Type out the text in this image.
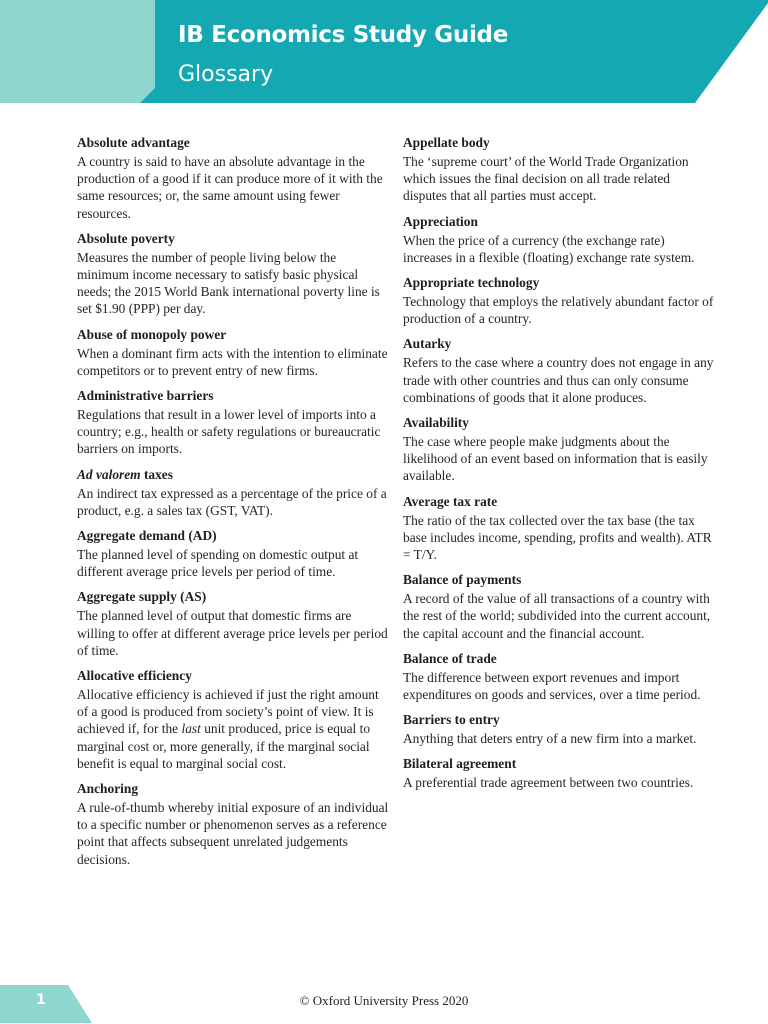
IB Economics Study Guide
Glossary
Absolute advantage
A country is said to have an absolute advantage in the production of a good if it can produce more of it with the same resources; or, the same amount using fewer resources.
Absolute poverty
Measures the number of people living below the minimum income necessary to satisfy basic physical needs; the 2015 World Bank international poverty line is set $1.90 (PPP) per day.
Abuse of monopoly power
When a dominant firm acts with the intention to eliminate competitors or to prevent entry of new firms.
Administrative barriers
Regulations that result in a lower level of imports into a country; e.g., health or safety regulations or bureaucratic barriers on imports.
Ad valorem taxes
An indirect tax expressed as a percentage of the price of a product, e.g. a sales tax (GST, VAT).
Aggregate demand (AD)
The planned level of spending on domestic output at different average price levels per period of time.
Aggregate supply (AS)
The planned level of output that domestic firms are willing to offer at different average price levels per period of time.
Allocative efficiency
Allocative efficiency is achieved if just the right amount of a good is produced from society’s point of view. It is achieved if, for the last unit produced, price is equal to marginal cost or, more generally, if the marginal social benefit is equal to marginal social cost.
Anchoring
A rule-of-thumb whereby initial exposure of an individual to a specific number or phenomenon serves as a reference point that affects subsequent unrelated judgements decisions.
Appellate body
The ‘supreme court’ of the World Trade Organization which issues the final decision on all trade related disputes that all parties must accept.
Appreciation
When the price of a currency (the exchange rate) increases in a flexible (floating) exchange rate system.
Appropriate technology
Technology that employs the relatively abundant factor of production of a country.
Autarky
Refers to the case where a country does not engage in any trade with other countries and thus can only consume combinations of goods that it alone produces.
Availability
The case where people make judgments about the likelihood of an event based on information that is easily available.
Average tax rate
The ratio of the tax collected over the tax base (the tax base includes income, spending, profits and wealth). ATR = T/Y.
Balance of payments
A record of the value of all transactions of a country with the rest of the world; subdivided into the current account, the capital account and the financial account.
Balance of trade
The difference between export revenues and import expenditures on goods and services, over a time period.
Barriers to entry
Anything that deters entry of a new firm into a market.
Bilateral agreement
A preferential trade agreement between two countries.
1	© Oxford University Press 2020
